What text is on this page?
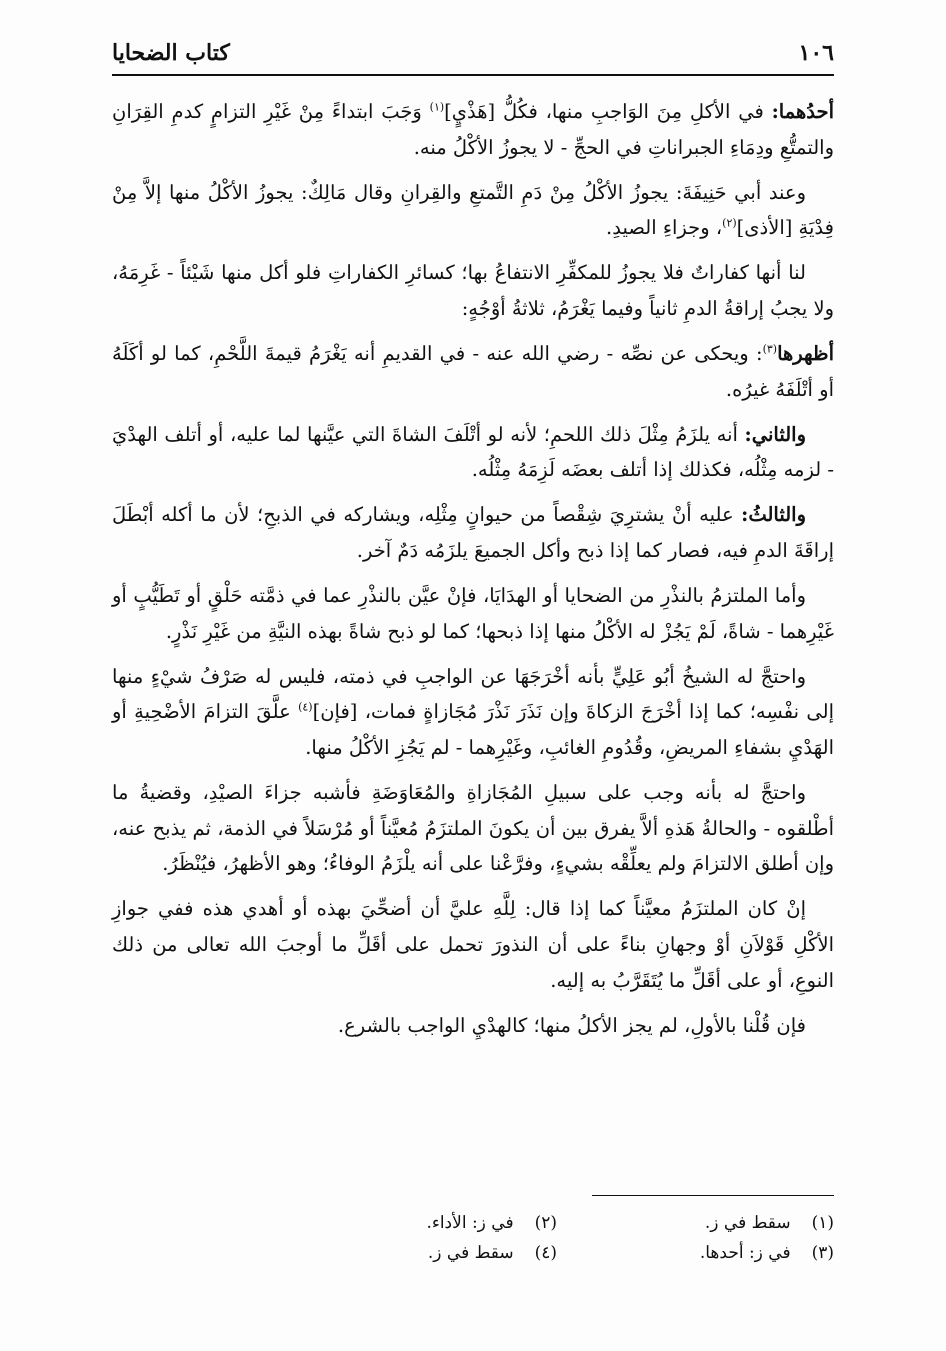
١٠٦
كتاب الضحايا

أحدُهما: في الأكلِ مِنَ الوَاجبِ منها، فكُلُّ [هَذْيٍ]$^{(١)}$ وَجَبَ ابتداءً مِنْ غَيْرِ التزامٍ كدمِ القِرَانِ والتمتُّعِ ودِمَاءِ الجبراناتِ في الحجِّ - لا يجوزُ الأكْلُ منه.

وعند أبي حَنِيفَةَ: يجوزُ الأكْلُ مِنْ دَمِ التَّمتعِ والقِرانِ وقال مَالِكٌ: يجوزُ الأكْلُ منها إلاَّ مِنْ فِدْيَةِ [الأذى]$^{(٢)}$، وجزاءِ الصيدِ.

لنا أنها كفاراتٌ فلا يجوزُ للمكفِّرِ الانتفاعُ بها؛ كسائرِ الكفاراتِ فلو أكل منها شَيْئاً - غَرِمَهُ، ولا يجبُ إراقةُ الدمِ ثانياً وفيما يَغْرَمُ، ثلاثةُ أوْجُهٍ:

أظهرها$^{(٣)}$: ويحكى عن نصِّه - رضي الله عنه - في القديمِ أنه يَغْرَمُ قيمةَ اللَّحْمِ، كما لو أكَلَهُ أو أتْلَفَهُ غيرُه.

والثاني: أنه يلزَمُ مِثْلَ ذلك اللحمِ؛ لأنه لو أتْلَفَ الشاةَ التي عيَّنها لما عليه، أو أتلف الهدْيَ - لزمه مِثْلُه، فكذلك إذا أتلف بعضَه لَزِمَهُ مِثْلُه.

والثالثُ: عليه أنْ يشترِيَ شِقْصاً من حيوانٍ مِثْلِه، ويشاركه في الذبحِ؛ لأن ما أكله أبْطَلَ إراقَةَ الدمِ فيه، فصار كما إذا ذبح وأكل الجميعَ يلزَمُه دَمٌ آخر.

وأما الملتزمُ بالنذْرِ من الضحايا أو الهدَايَا، فإنْ عيَّن بالنذْرِ عما في ذمَّته حَلْقٍ أو تَطَيُّبٍ أو غَيْرِهما - شاةً، لَمْ يَجُزْ له الأكْلُ منها إذا ذبحها؛ كما لو ذبح شاةً بهذه النيَّةِ من غَيْرِ نَذْرٍ.

واحتجَّ له الشيخُ أبُو عَلِيٍّ بأنه أخْرَجَهَا عن الواجبِ في ذمته، فليس له صَرْفُ شيْءٍ منها إلى نفْسِه؛ كما إذا أخْرَجَ الزكاةَ وإن نَذَرَ نَذْرَ مُجَازاةٍ فمات، [فإن]$^{(٤)}$ علَّقَ التزامَ الأضْحِيةِ أو الهَدْيِ بشفاءِ المريضِ، وقُدُومِ الغائبِ، وغَيْرِهما - لم يَجُزِ الأكْلُ منها.

واحتجَّ له بأنه وجب على سبيلِ المُجَازاةِ والمُعَاوَضَةِ فأشبه جزاءَ الصيْدِ، وقضيةُ ما أطْلقوه - والحالةُ هَذهِ ألاَّ يفرق بين أن يكونَ الملتزَمُ مُعيَّناً أو مُرْسَلاً في الذمة، ثم يذبح عنه، وإن أطلق الالتزامَ ولم يعلِّقْه بشيءٍ، وفرَّعْنا على أنه يلْزَمُ الوفاءُ؛ وهو الأظهرُ، فيُنْظَرُ.

إنْ كان الملتزَمُ معيَّناً كما إذا قال: لِلَّهِ عليَّ أن أضحِّيَ بهذه أو أهدي هذه ففي جوازِ الأكْلِ قَوْلاَنِ أوْ وجهانِ بناءً على أن النذورَ تحمل على أقَلِّ ما أوجبَ الله تعالى من ذلك النوعِ، أو على أقَلِّ ما يُتَقَرَّبُ به إليه.

فإن قُلْنا بالأولِ، لم يجز الأكلُ منها؛ كالهدْيِ الواجب بالشرع.

(١) سقط في ز.
(٢) في ز: الأداء.
(٣) في ز: أحدها.
(٤) سقط في ز.
